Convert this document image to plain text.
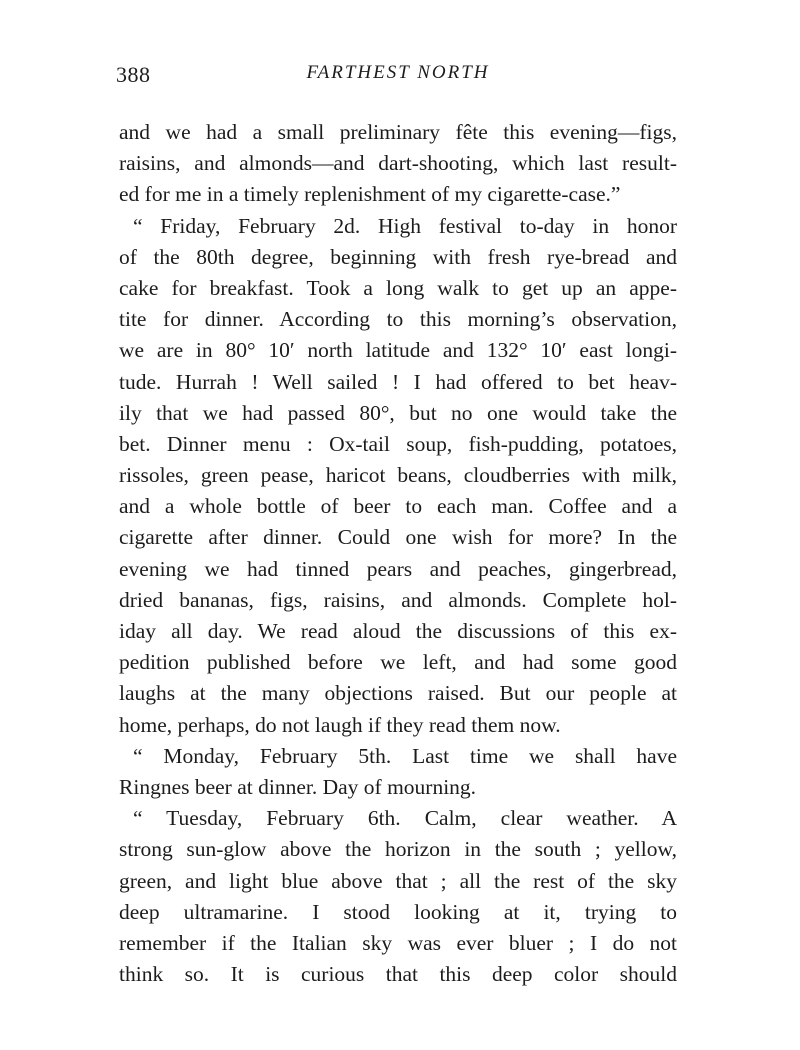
388	FARTHEST NORTH
and we had a small preliminary fête this evening—figs,
raisins, and almonds—and dart-shooting, which last result-
ed for me in a timely replenishment of my cigarette-case.”
“ Friday, February 2d. High festival to-day in honor
of the 80th degree, beginning with fresh rye-bread and
cake for breakfast. Took a long walk to get up an appe-
tite for dinner. According to this morning’s observation,
we are in 80° 10′ north latitude and 132° 10′ east longi-
tude. Hurrah ! Well sailed ! I had offered to bet heav-
ily that we had passed 80°, but no one would take the
bet. Dinner menu : Ox-tail soup, fish-pudding, potatoes,
rissoles, green pease, haricot beans, cloudberries with milk,
and a whole bottle of beer to each man. Coffee and a
cigarette after dinner. Could one wish for more? In the
evening we had tinned pears and peaches, gingerbread,
dried bananas, figs, raisins, and almonds. Complete hol-
iday all day. We read aloud the discussions of this ex-
pedition published before we left, and had some good
laughs at the many objections raised. But our people at
home, perhaps, do not laugh if they read them now.
“ Monday, February 5th. Last time we shall have
Ringnes beer at dinner. Day of mourning.
“ Tuesday, February 6th. Calm, clear weather. A
strong sun-glow above the horizon in the south ; yellow,
green, and light blue above that ; all the rest of the sky
deep ultramarine. I stood looking at it, trying to
remember if the Italian sky was ever bluer ; I do not
think so. It is curious that this deep color should
